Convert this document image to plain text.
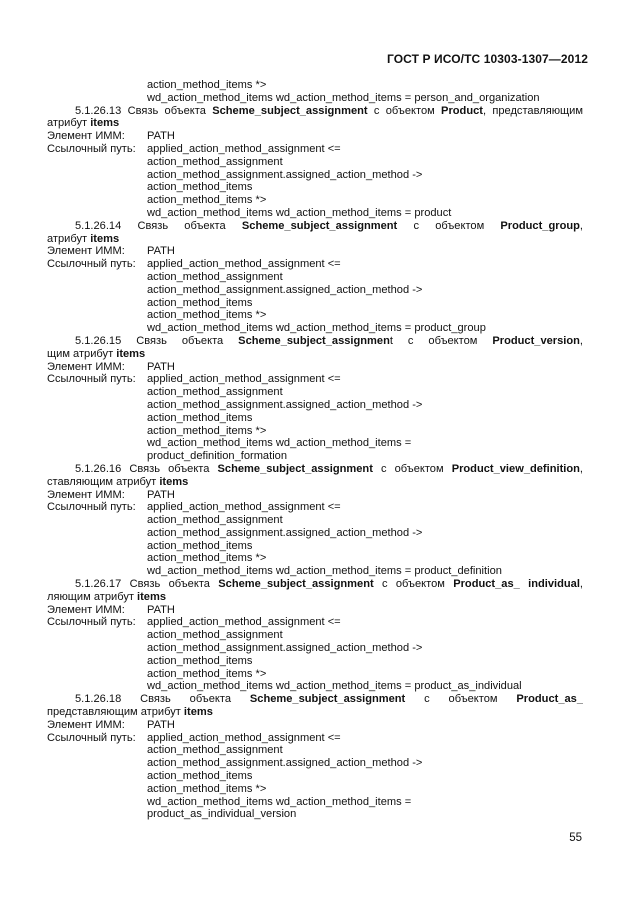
ГОСТ Р ИСО/ТС 10303-1307—2012
action_method_items *>
wd_action_method_items wd_action_method_items = person_and_organization
5.1.26.13 Связь объекта Scheme_subject_assignment с объектом Product, представляющим
атрибут items
Элемент ИММ:	PATH
Ссылочный путь:	applied_action_method_assignment <=
action_method_assignment
action_method_assignment.assigned_action_method ->
action_method_items
action_method_items *>
wd_action_method_items wd_action_method_items = product
5.1.26.14 Связь объекта Scheme_subject_assignment с объектом Product_group,
атрибут items
Элемент ИММ:	PATH
Ссылочный путь:	applied_action_method_assignment <=
action_method_assignment
action_method_assignment.assigned_action_method ->
action_method_items
action_method_items *>
wd_action_method_items wd_action_method_items = product_group
5.1.26.15 Связь объекта Scheme_subject_assignment с объектом Product_version,
щим атрибут items
Элемент ИММ:	PATH
Ссылочный путь:	applied_action_method_assignment <=
action_method_assignment
action_method_assignment.assigned_action_method ->
action_method_items
action_method_items *>
wd_action_method_items wd_action_method_items =
product_definition_formation
5.1.26.16 Связь объекта Scheme_subject_assignment с объектом Product_view_definition,
ставляющим атрибут items
Элемент ИММ:	PATH
Ссылочный путь:	applied_action_method_assignment <=
action_method_assignment
action_method_assignment.assigned_action_method ->
action_method_items
action_method_items *>
wd_action_method_items wd_action_method_items = product_definition
5.1.26.17 Связь объекта Scheme_subject_assignment с объектом Product_as_ individual,
ляющим атрибут items
Элемент ИММ:	PATH
Ссылочный путь:	applied_action_method_assignment <=
action_method_assignment
action_method_assignment.assigned_action_method ->
action_method_items
action_method_items *>
wd_action_method_items wd_action_method_items = product_as_individual
5.1.26.18 Связь объекта Scheme_subject_assignment с объектом Product_as_
представляющим атрибут items
Элемент ИММ:	PATH
Ссылочный путь:	applied_action_method_assignment <=
action_method_assignment
action_method_assignment.assigned_action_method ->
action_method_items
action_method_items *>
wd_action_method_items wd_action_method_items =
product_as_individual_version
55
